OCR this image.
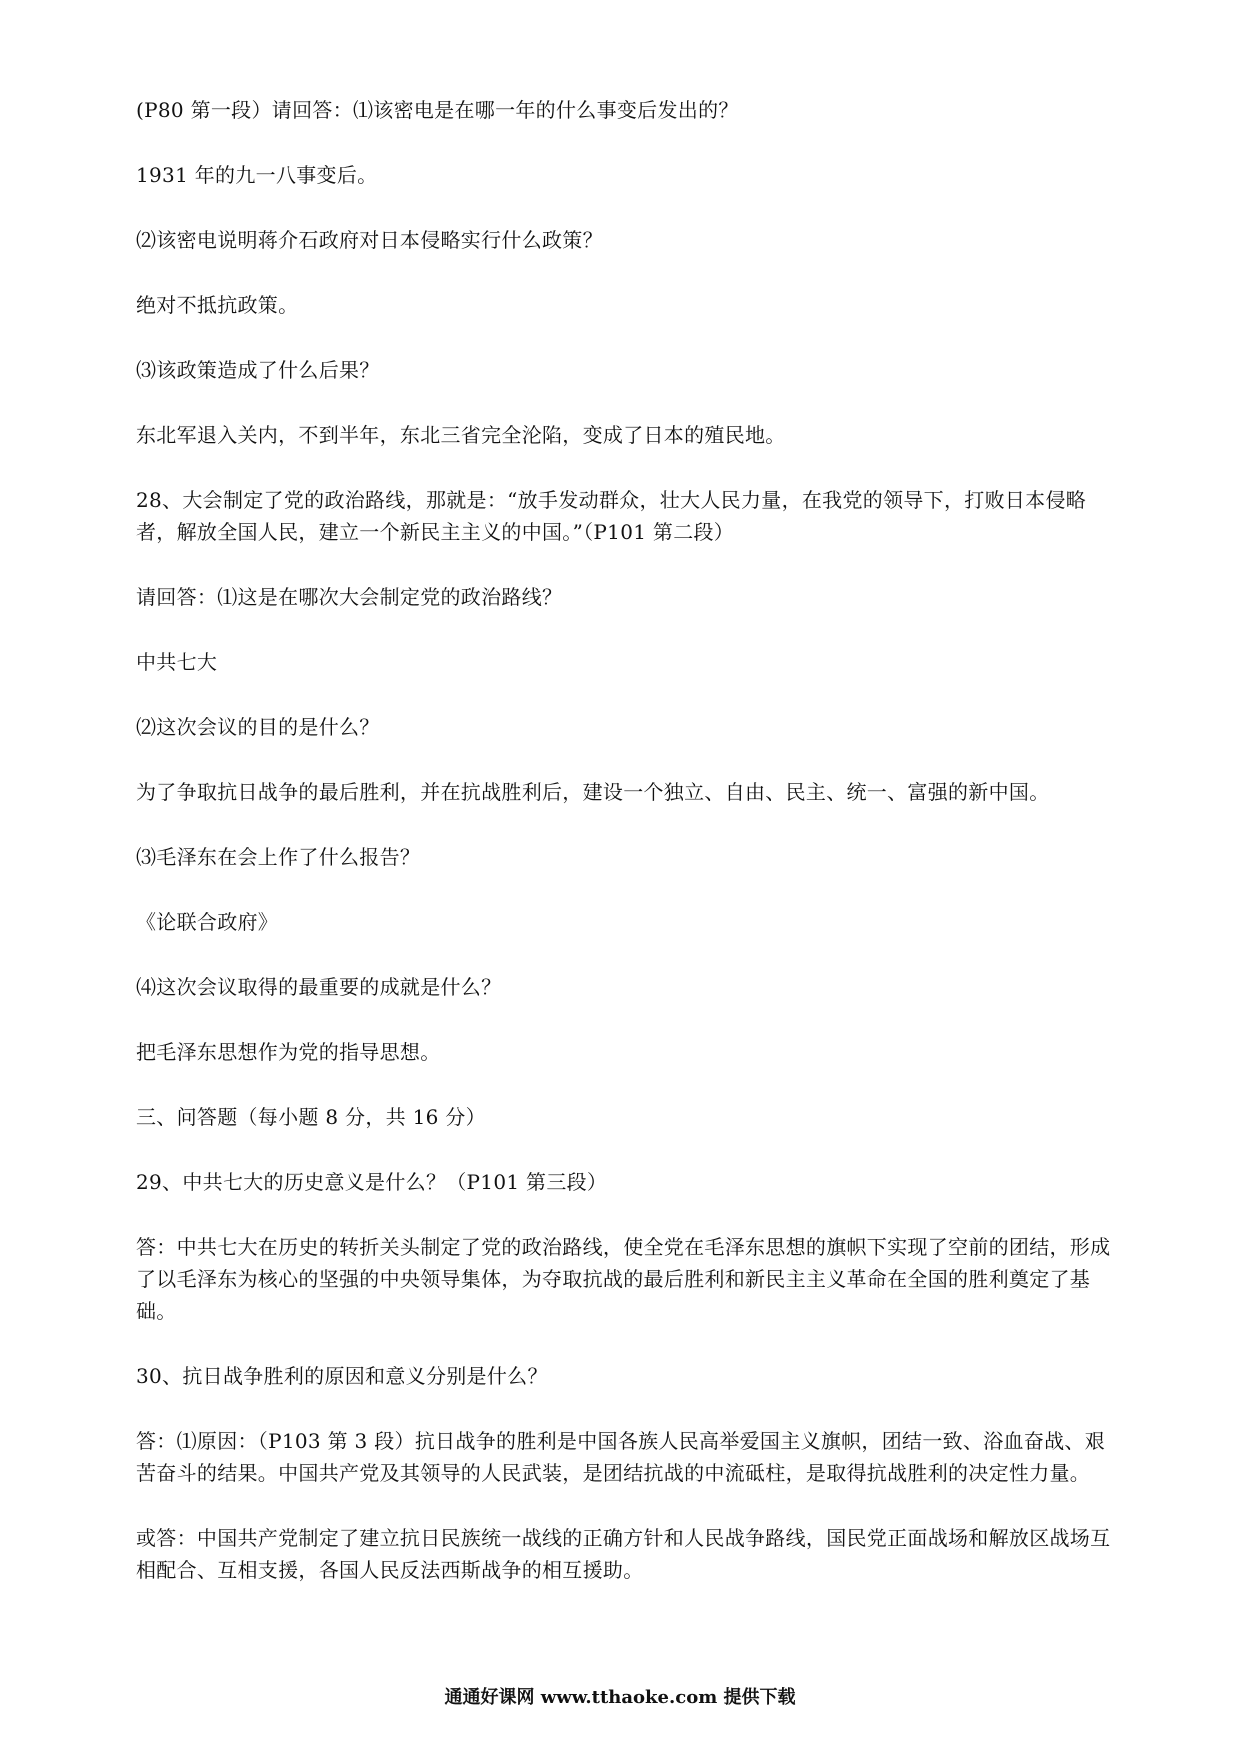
(P80 第一段）请回答：⑴该密电是在哪一年的什么事变后发出的？

1931 年的九一八事变后。

⑵该密电说明蒋介石政府对日本侵略实行什么政策？

绝对不抵抗政策。

⑶该政策造成了什么后果？

东北军退入关内，不到半年，东北三省完全沦陷，变成了日本的殖民地。

28、大会制定了党的政治路线，那就是：“放手发动群众，壮大人民力量，在我党的领导下，打败日本侵略者，解放全国人民，建立一个新民主主义的中国。”（P101 第二段）

请回答：⑴这是在哪次大会制定党的政治路线？

中共七大

⑵这次会议的目的是什么？

为了争取抗日战争的最后胜利，并在抗战胜利后，建设一个独立、自由、民主、统一、富强的新中国。

⑶毛泽东在会上作了什么报告？

《论联合政府》

⑷这次会议取得的最重要的成就是什么？

把毛泽东思想作为党的指导思想。

三、问答题（每小题 8 分，共 16 分）

29、中共七大的历史意义是什么？（P101 第三段）

答：中共七大在历史的转折关头制定了党的政治路线，使全党在毛泽东思想的旗帜下实现了空前的团结，形成了以毛泽东为核心的坚强的中央领导集体，为夺取抗战的最后胜利和新民主主义革命在全国的胜利奠定了基础。

30、抗日战争胜利的原因和意义分别是什么？

答：⑴原因：（P103 第 3 段）抗日战争的胜利是中国各族人民高举爱国主义旗帜，团结一致、浴血奋战、艰苦奋斗的结果。中国共产党及其领导的人民武装，是团结抗战的中流砥柱，是取得抗战胜利的决定性力量。

或答：中国共产党制定了建立抗日民族统一战线的正确方针和人民战争路线，国民党正面战场和解放区战场互相配合、互相支援，各国人民反法西斯战争的相互援助。

通通好课网 www.tthaoke.com 提供下载
